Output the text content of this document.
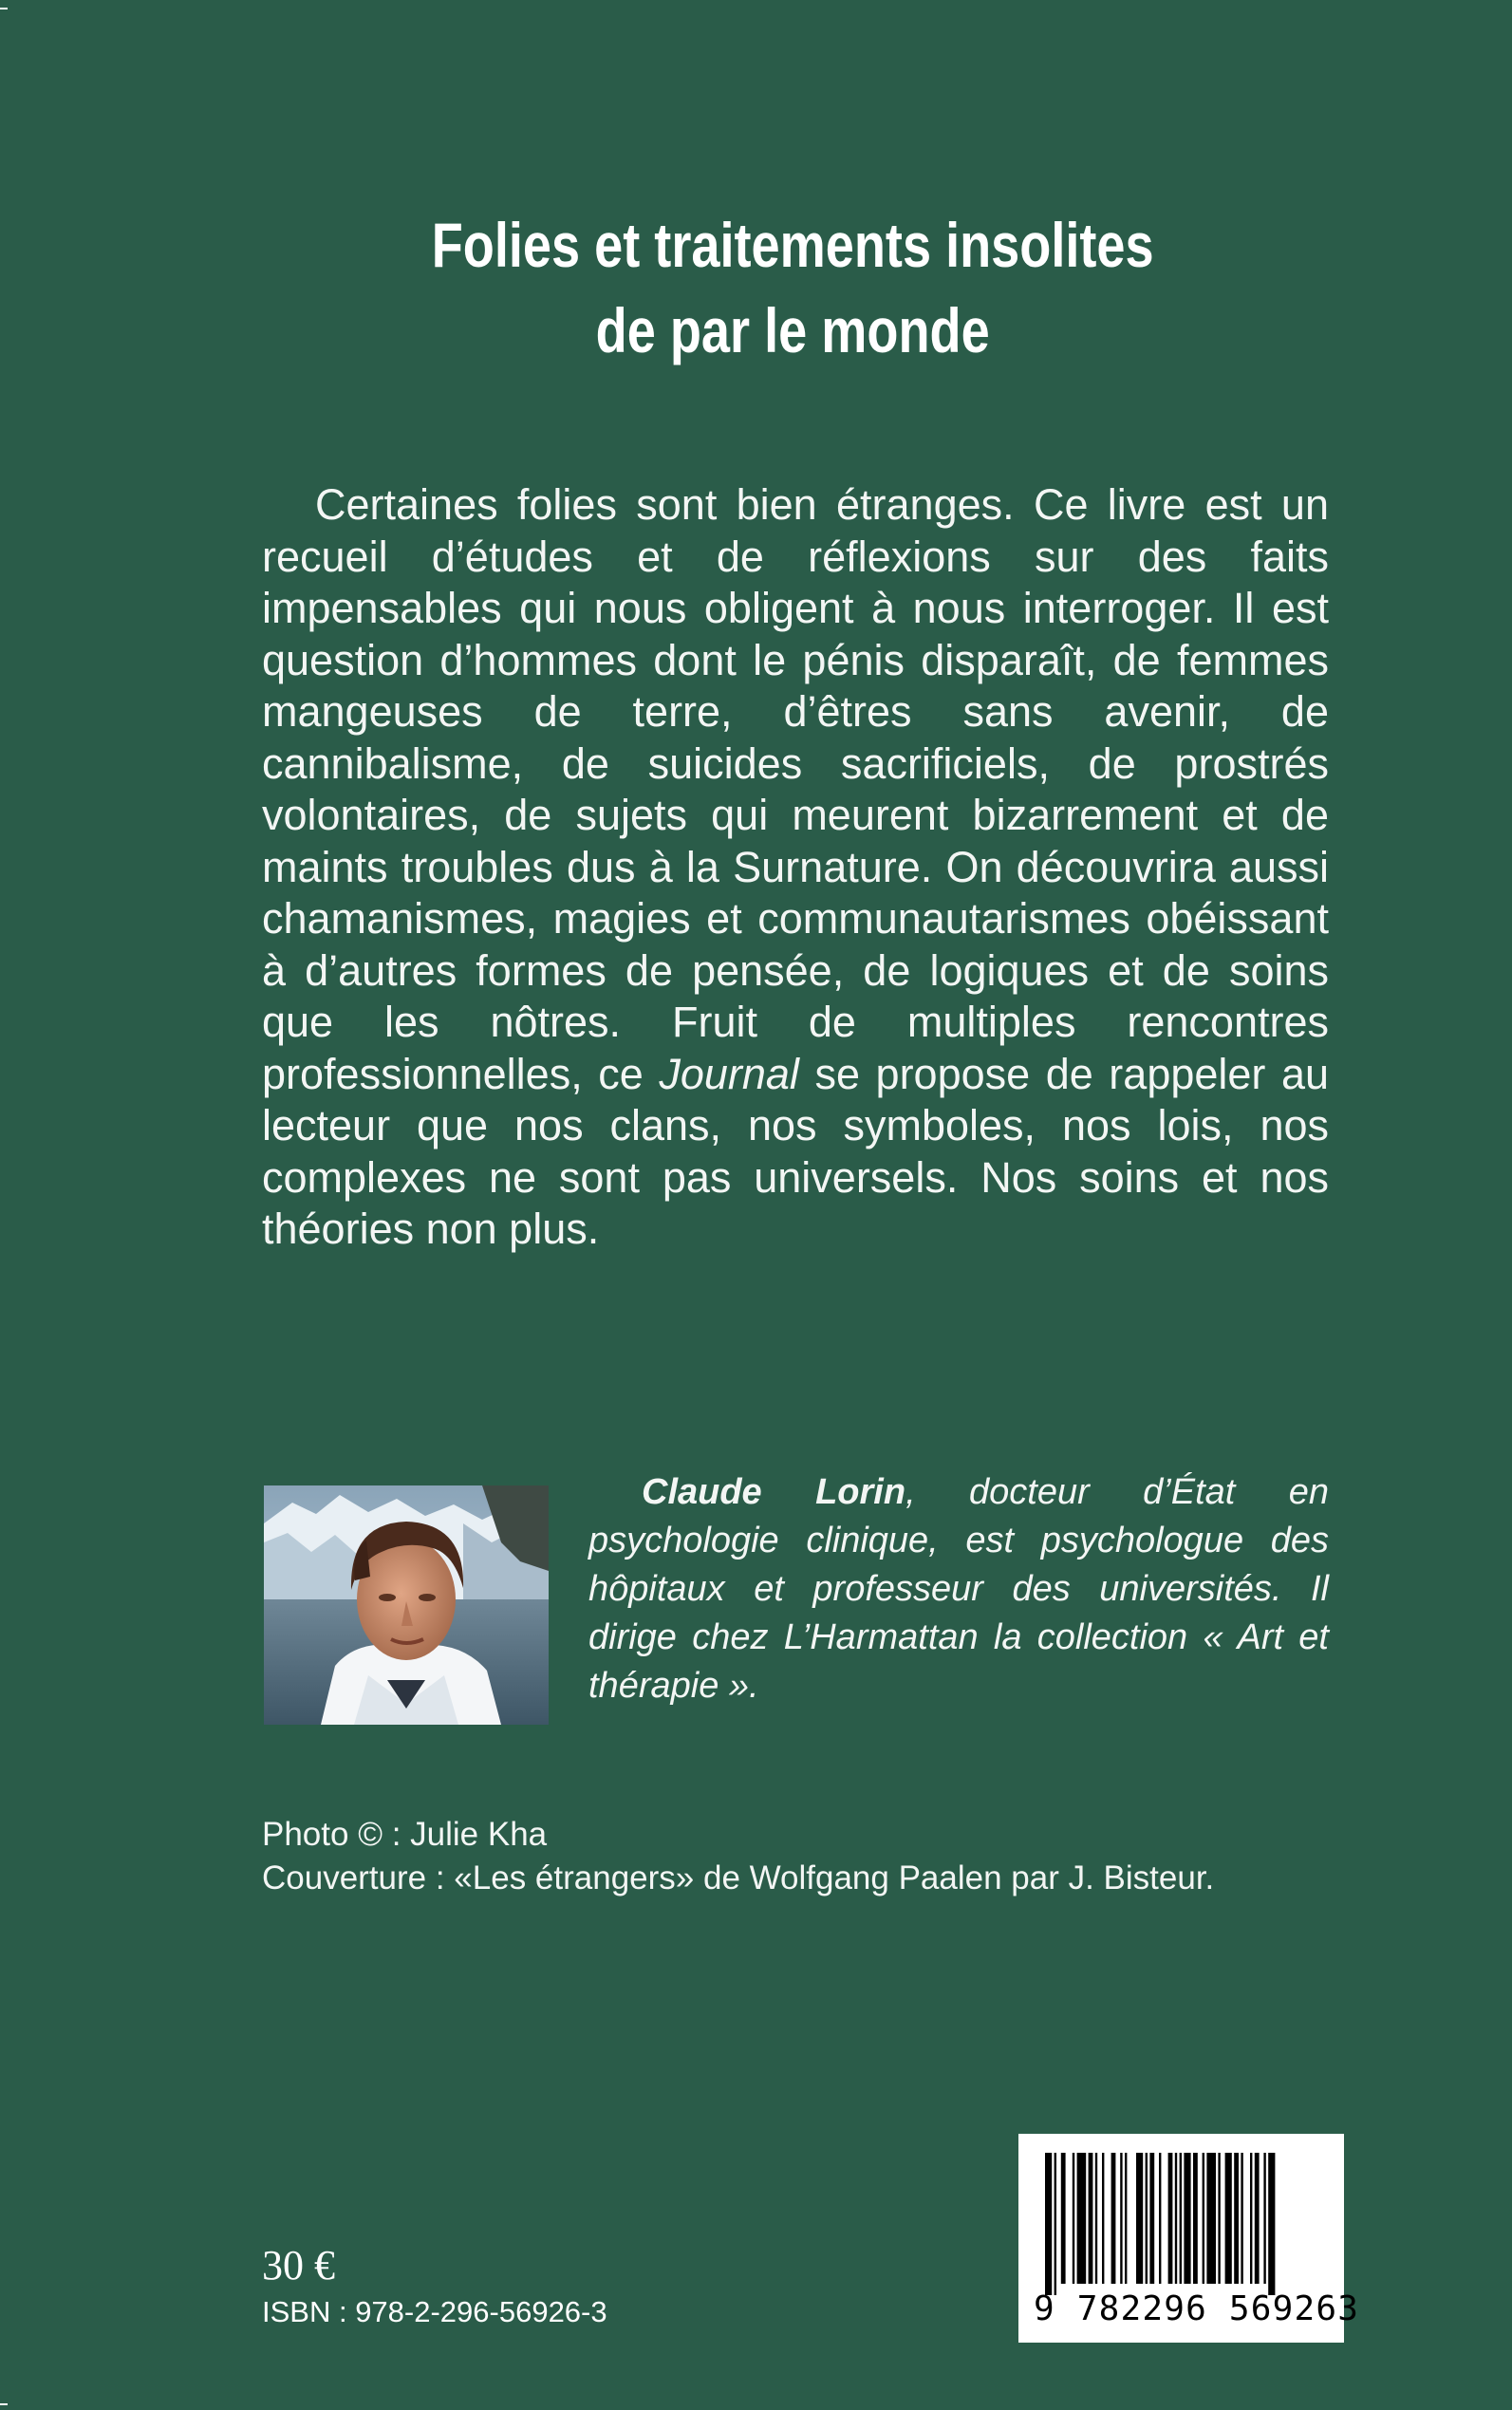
Folies et traitements insolites
de par le monde

Certaines folies sont bien étranges. Ce livre est un recueil d’études et de réflexions sur des faits impensables qui nous obligent à nous interroger. Il est question d’hommes dont le pénis disparaît, de femmes mangeuses de terre, d’êtres sans avenir, de cannibalisme, de suicides sacrificiels, de prostrés volontaires, de sujets qui meurent bizarrement et de maints troubles dus à la Surnature. On découvrira aussi chamanismes, magies et communautarismes obéissant à d’autres formes de pensée, de logiques et de soins que les nôtres. Fruit de multiples rencontres professionnelles, ce Journal se propose de rappeler au lecteur que nos clans, nos symboles, nos lois, nos complexes ne sont pas universels. Nos soins et nos théories non plus.

Claude Lorin, docteur d’État en psychologie clinique, est psychologue des hôpitaux et professeur des universités. Il dirige chez L’Harmattan la collection « Art et thérapie ».

Photo © : Julie Kha

Couverture : «Les étrangers» de Wolfgang Paalen par J. Bisteur.

30 €

ISBN : 978-2-296-56926-3	9 782296 569263
